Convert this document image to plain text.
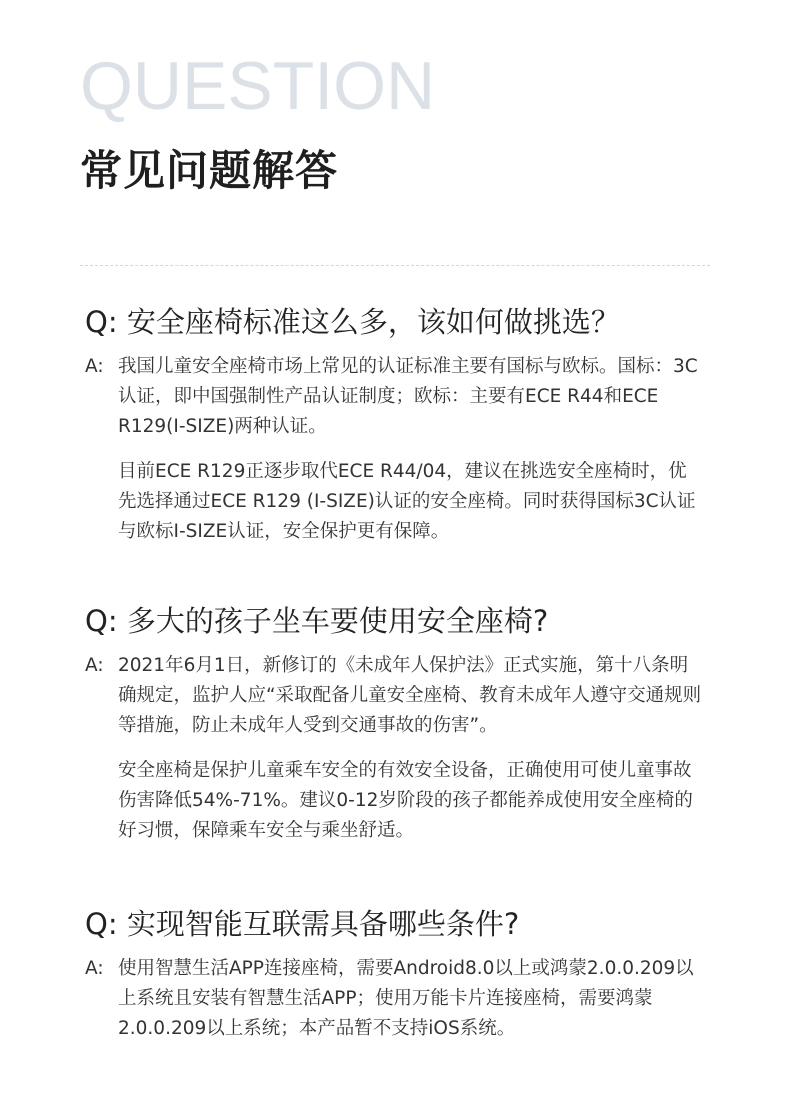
QUESTION
常见问题解答
Q: 安全座椅标准这么多，该如何做挑选？
A: 我国儿童安全座椅市场上常见的认证标准主要有国标与欧标。国标：3C认证，即中国强制性产品认证制度；欧标：主要有ECE R44和ECE R129(I-SIZE)两种认证。

目前ECE R129正逐步取代ECE R44/04，建议在挑选安全座椅时，优先选择通过ECE R129 (I-SIZE)认证的安全座椅。同时获得国标3C认证与欧标I-SIZE认证，安全保护更有保障。

Q: 多大的孩子坐车要使用安全座椅?
A: 2021年6月1日，新修订的《未成年人保护法》正式实施，第十八条明确规定，监护人应“采取配备儿童安全座椅、教育未成年人遵守交通规则等措施，防止未成年人受到交通事故的伤害”。

安全座椅是保护儿童乘车安全的有效安全设备，正确使用可使儿童事故伤害降低54%-71%。建议0-12岁阶段的孩子都能养成使用安全座椅的好习惯，保障乘车安全与乘坐舒适。

Q: 实现智能互联需具备哪些条件?
A: 使用智慧生活APP连接座椅，需要Android8.0以上或鸿蒙2.0.0.209以上系统且安装有智慧生活APP；使用万能卡片连接座椅，需要鸿蒙2.0.0.209以上系统；本产品暂不支持iOS系统。
